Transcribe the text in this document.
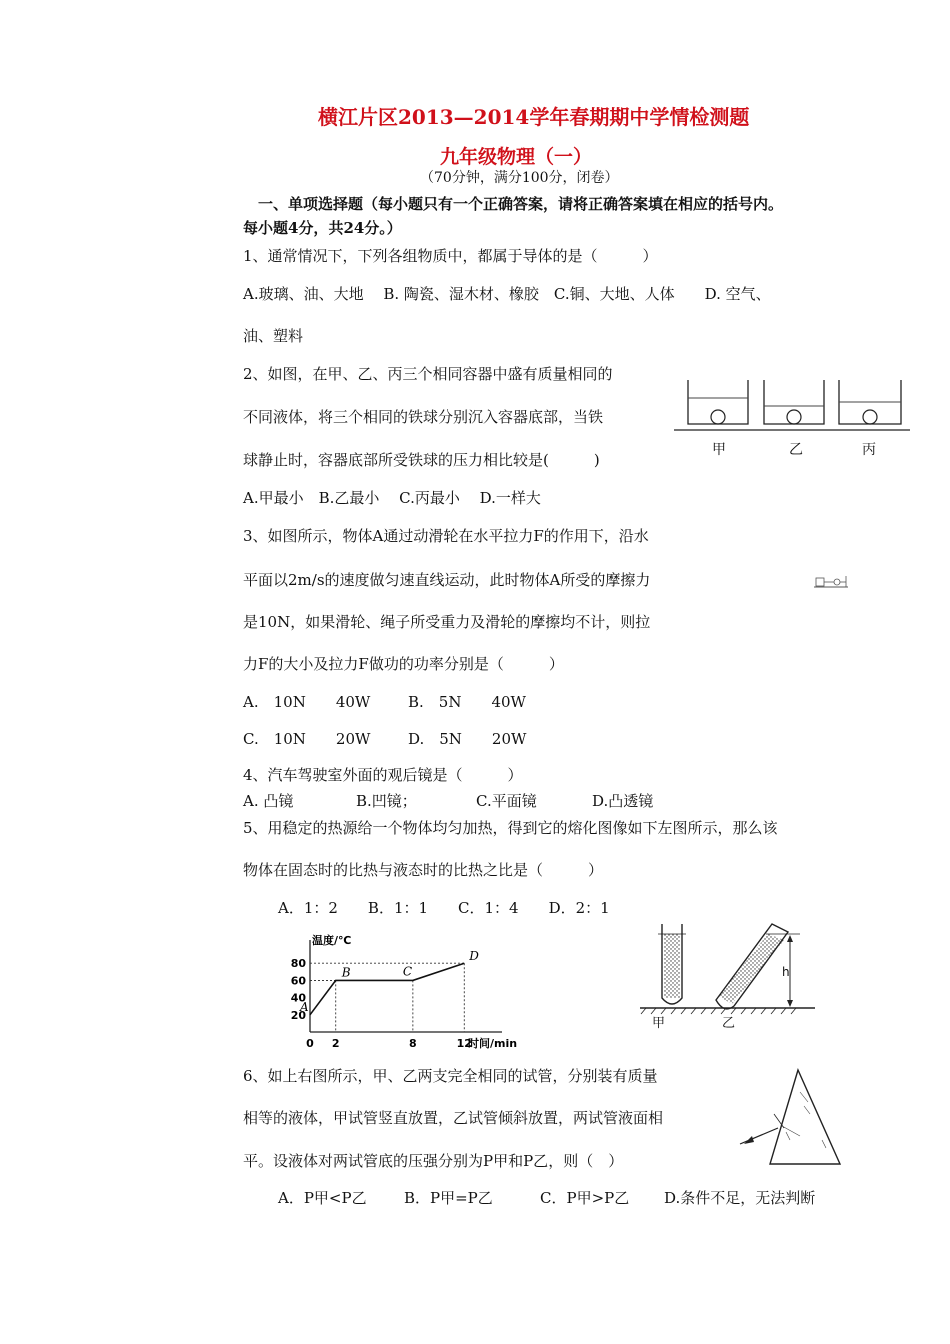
横江片区2013—2014学年春期期中学情检测题
九年级物理（一）
（70分钟，满分100分，闭卷）
一、单项选择题（每小题只有一个正确答案，请将正确答案填在相应的括号内。
每小题4分，共24分。）
1、通常情况下，下列各组物质中，都属于导体的是（　　　）
A.玻璃、油、大地　 B. 陶瓷、湿木材、橡胶　C.铜、大地、人体　　D. 空气、
油、塑料
2、如图，在甲、乙、丙三个相同容器中盛有质量相同的
不同液体，将三个相同的铁球分别沉入容器底部，当铁
球静止时，容器底部所受铁球的压力相比较是(　　　)
A.甲最小　B.乙最小　 C.丙最小　 D.一样大
甲	乙	丙
3、如图所示，物体A通过动滑轮在水平拉力F的作用下，沿水
平面以2m/s的速度做匀速直线运动，此时物体A所受的摩擦力
是10N，如果滑轮、绳子所受重力及滑轮的摩擦均不计，则拉
力F的大小及拉力F做功的功率分别是（　　　）
A.　10N　　40W	B.　5N　　40W
C.　10N　　20W	D.　5N　　20W
4、汽车驾驶室外面的观后镜是（　　　）
A. 凸镜	B.凹镜；	C.平面镜	D.凸透镜
5、用稳定的热源给一个物体均匀加热，得到它的熔化图像如下左图所示，那么该
物体在固态时的比热与液态时的比热之比是（　　　）
A．1：2　　B．1：1　　C．1：4　　D．2：1
温度/℃
时间/min
20
40
60
80
0 2	8	12
A
B	C
D
甲	乙
h
6、如上右图所示，甲、乙两支完全相同的试管，分别装有质量
相等的液体，甲试管竖直放置，乙试管倾斜放置，两试管液面相
平。设液体对两试管底的压强分别为P甲和P乙，则（　）
A．P甲<P乙 B．P甲=P乙	C．P甲>P乙 D.条件不足，无法判断
